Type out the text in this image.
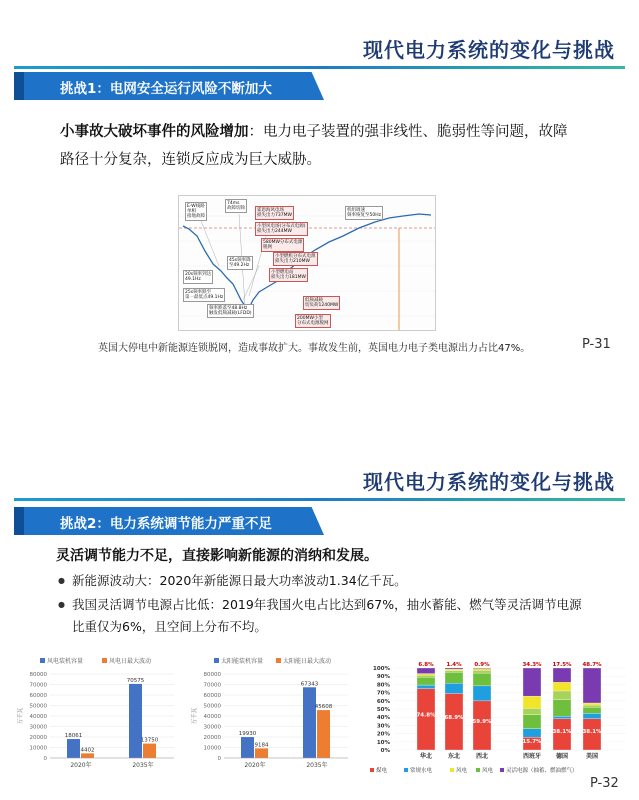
现代电力系统的变化与挑战
挑战1：电网安全运行风险不断加大
小事故大破坏事件的风险增加：电力电子装置的强非线性、脆弱性等问题，故障
路径十分复杂，连锁反应成为巨大威胁。
E-W线路
单相
接地故障
74ms
故障切除	霍恩海风电场
损失出力737MW
小型风电场(分布式电源)
损失出力244MW
580MW分布式电源
脱网
45s频率降
至49.2Hz
小型燃机分布式电源
损失出力210MW
20s频率到达
49.1Hz
小型燃电站
损失出力181MW
25s频率跌至
第一最低点49.1Hz
频率跌落至48.8Hz
触发低频减载(LFDD)
低频减载
切负荷1240MW
机组调速
频率恢复至50Hz
200MW小型
分布式电源脱网
英国大停电中新能源连锁脱网，造成事故扩大。事故发生前，英国电力电子类电源出力占比47%。	P-31
现代电力系统的变化与挑战
挑战2：电力系统调节能力严重不足
灵活调节能力不足，直接影响新能源的消纳和发展。
● 新能源波动大：2020年新能源日最大功率波动1.34亿千瓦。
● 我国灵活调节电源占比低：2019年我国火电占比达到67%，抽水蓄能、燃气等灵活调节电源
比重仅为6%，且空间上分布不均。
风电装机容量	风电日最大波动
0
10000
20000
30000
40000
50000
60000
70000
80000
万千瓦
18061
4402
2020年
70575
13750
2035年
太阳能装机容量	太阳能日最大波动
0
10000
20000
30000
40000
50000
60000
70000
80000
万千瓦
19930
9184
2020年
67343
45608
2035年
0%
10%
20%
30%
40%
50%
60%
70%
80%
90%
100%
6.8%
74.8%
华北
1.4%
68.9%
东北
0.9%
59.9%
西北
34.3%
15.7%
西班牙
17.5%
38.1%
德国
48.7%
38.1%
美国
煤电	常规水电	风电	风电 灵活电源（抽蓄、燃油燃气）
P-32
